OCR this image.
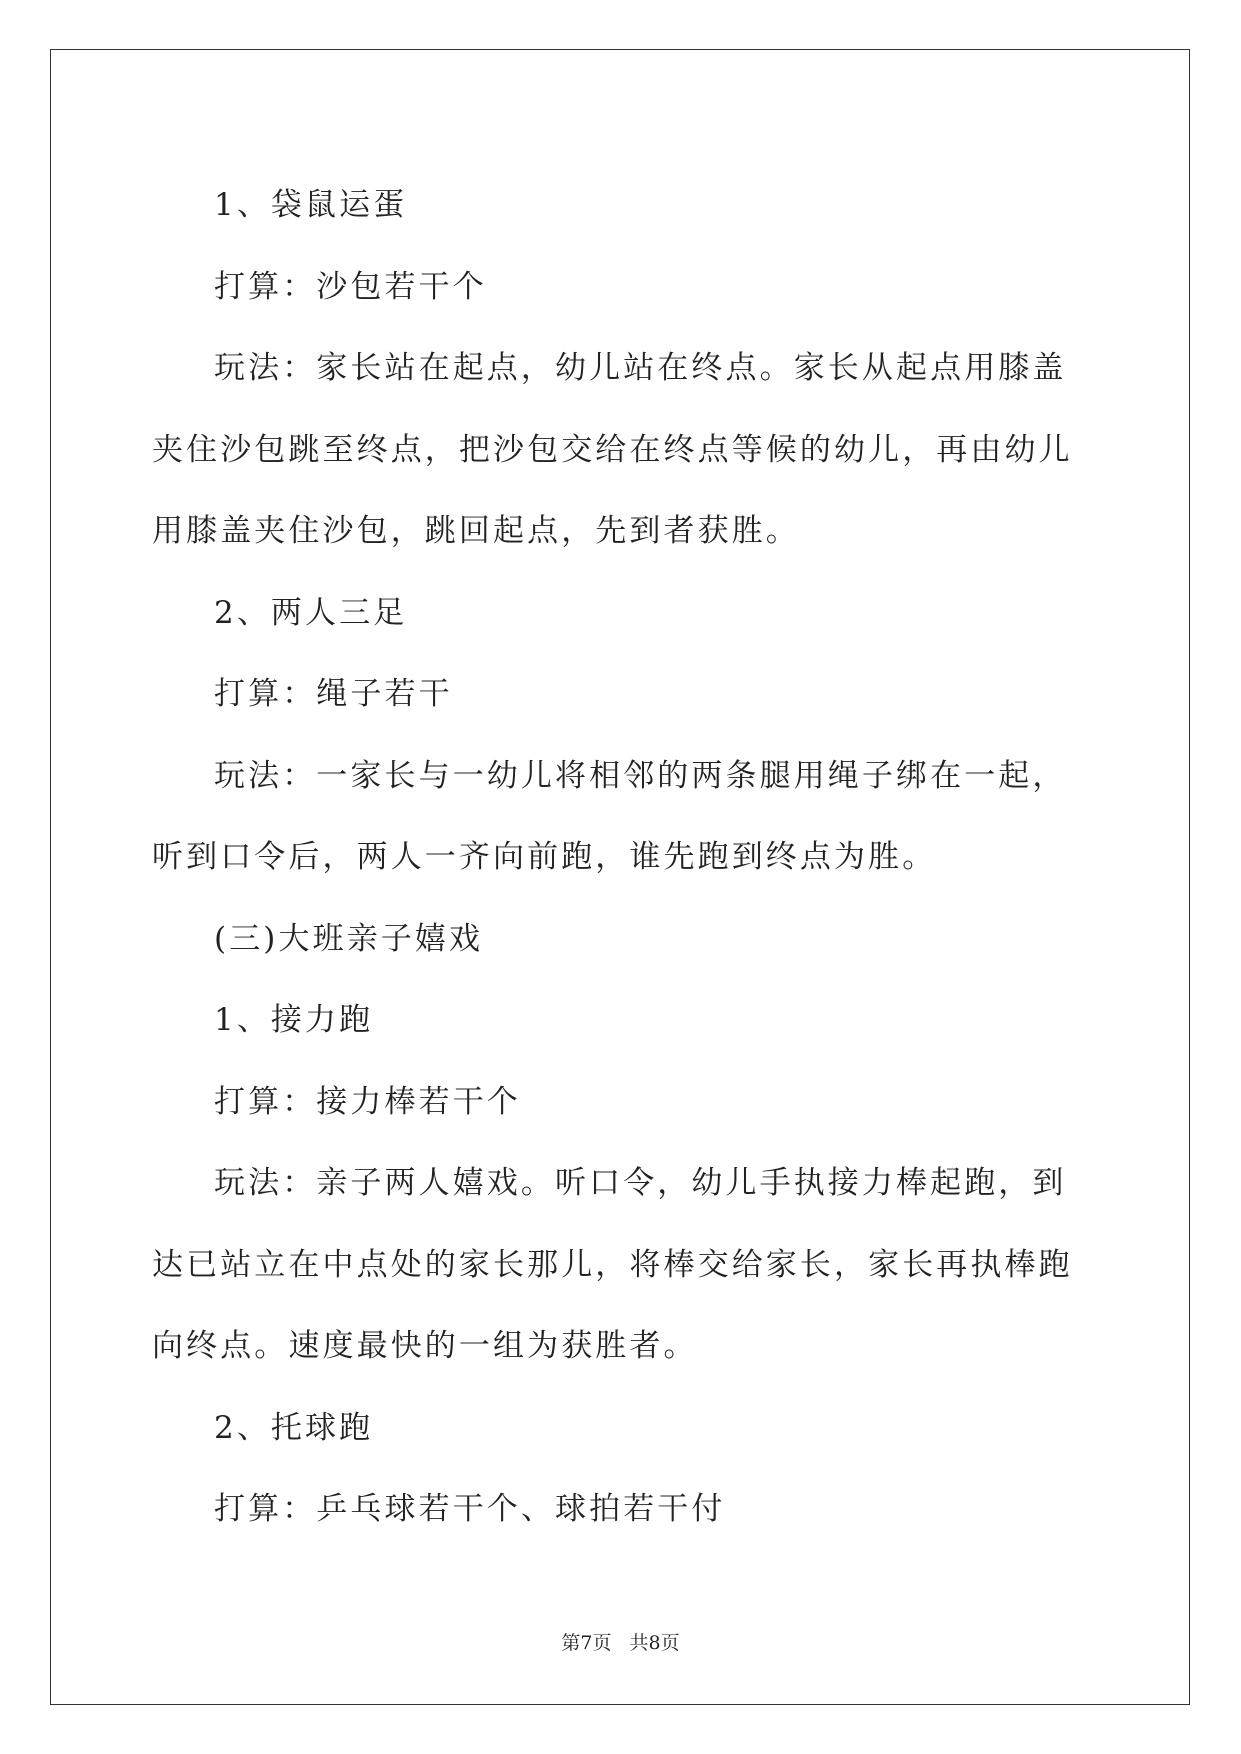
1、袋鼠运蛋

打算：沙包若干个

玩法：家长站在起点，幼儿站在终点。家长从起点用膝盖夹住沙包跳至终点，把沙包交给在终点等候的幼儿，再由幼儿用膝盖夹住沙包，跳回起点，先到者获胜。

2、两人三足

打算：绳子若干

玩法：一家长与一幼儿将相邻的两条腿用绳子绑在一起，听到口令后，两人一齐向前跑，谁先跑到终点为胜。

(三)大班亲子嬉戏

1、接力跑

打算：接力棒若干个

玩法：亲子两人嬉戏。听口令，幼儿手执接力棒起跑，到达已站立在中点处的家长那儿，将棒交给家长，家长再执棒跑向终点。速度最快的一组为获胜者。

2、托球跑

打算：乒乓球若干个、球拍若干付

第7页 共8页
